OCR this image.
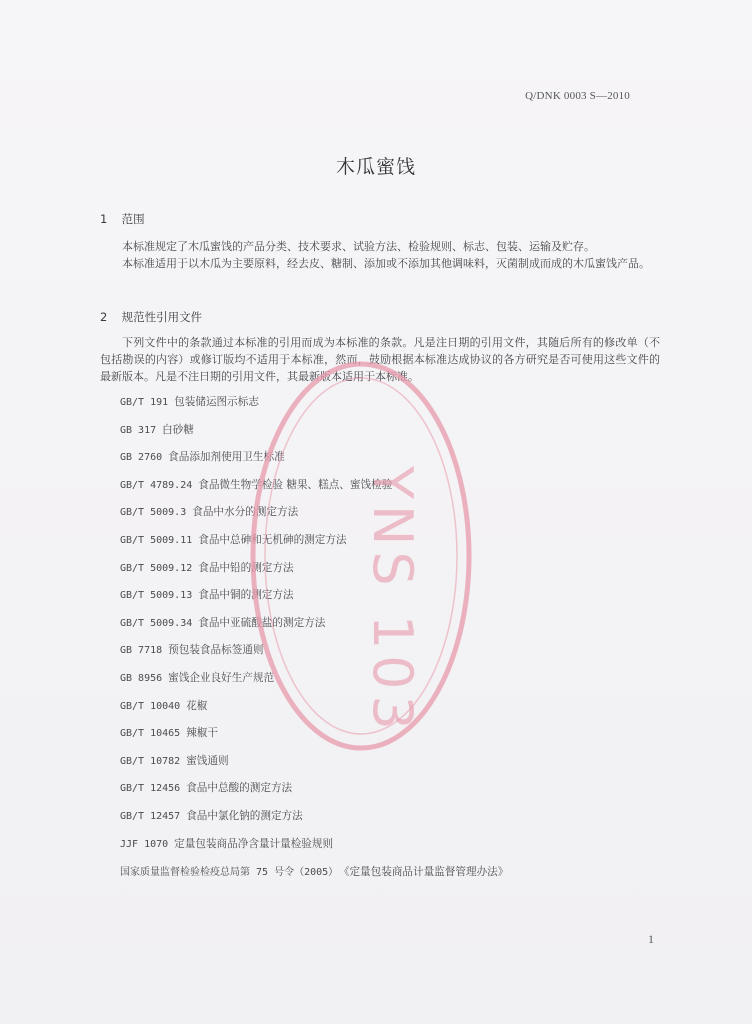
Q/DNK 0003 S—2010
木瓜蜜饯
1 范围

本标准规定了木瓜蜜饯的产品分类、技术要求、试验方法、检验规则、标志、包装、运输及贮存。

本标准适用于以木瓜为主要原料，经去皮、糖制、添加或不添加其他调味料，灭菌制成而成的木瓜蜜饯产品。

2 规范性引用文件

下列文件中的条款通过本标准的引用而成为本标准的条款。凡是注日期的引用文件，其随后所有的修改单（不包括勘误的内容）或修订版均不适用于本标准，然而，鼓励根据本标准达成协议的各方研究是否可使用这些文件的最新版本。凡是不注日期的引用文件，其最新版本适用于本标准。

GB/T 191 包装储运图示标志
GB 317 白砂糖
GB 2760 食品添加剂使用卫生标准
GB/T 4789.24 食品微生物学检验 糖果、糕点、蜜饯检验
GB/T 5009.3 食品中水分的测定方法
GB/T 5009.11 食品中总砷和无机砷的测定方法
GB/T 5009.12 食品中铅的测定方法
GB/T 5009.13 食品中铜的测定方法
GB/T 5009.34 食品中亚硫酸盐的测定方法
GB 7718 预包装食品标签通则
GB 8956 蜜饯企业良好生产规范
GB/T 10040 花椒
GB/T 10465 辣椒干
GB/T 10782 蜜饯通则
GB/T 12456 食品中总酸的测定方法
GB/T 12457 食品中氯化钠的测定方法
JJF 1070 定量包装商品净含量计量检验规则
国家质量监督检验检疫总局第 75 号令（2005） 《定量包装商品计量监督管理办法》
YNS 103
1
